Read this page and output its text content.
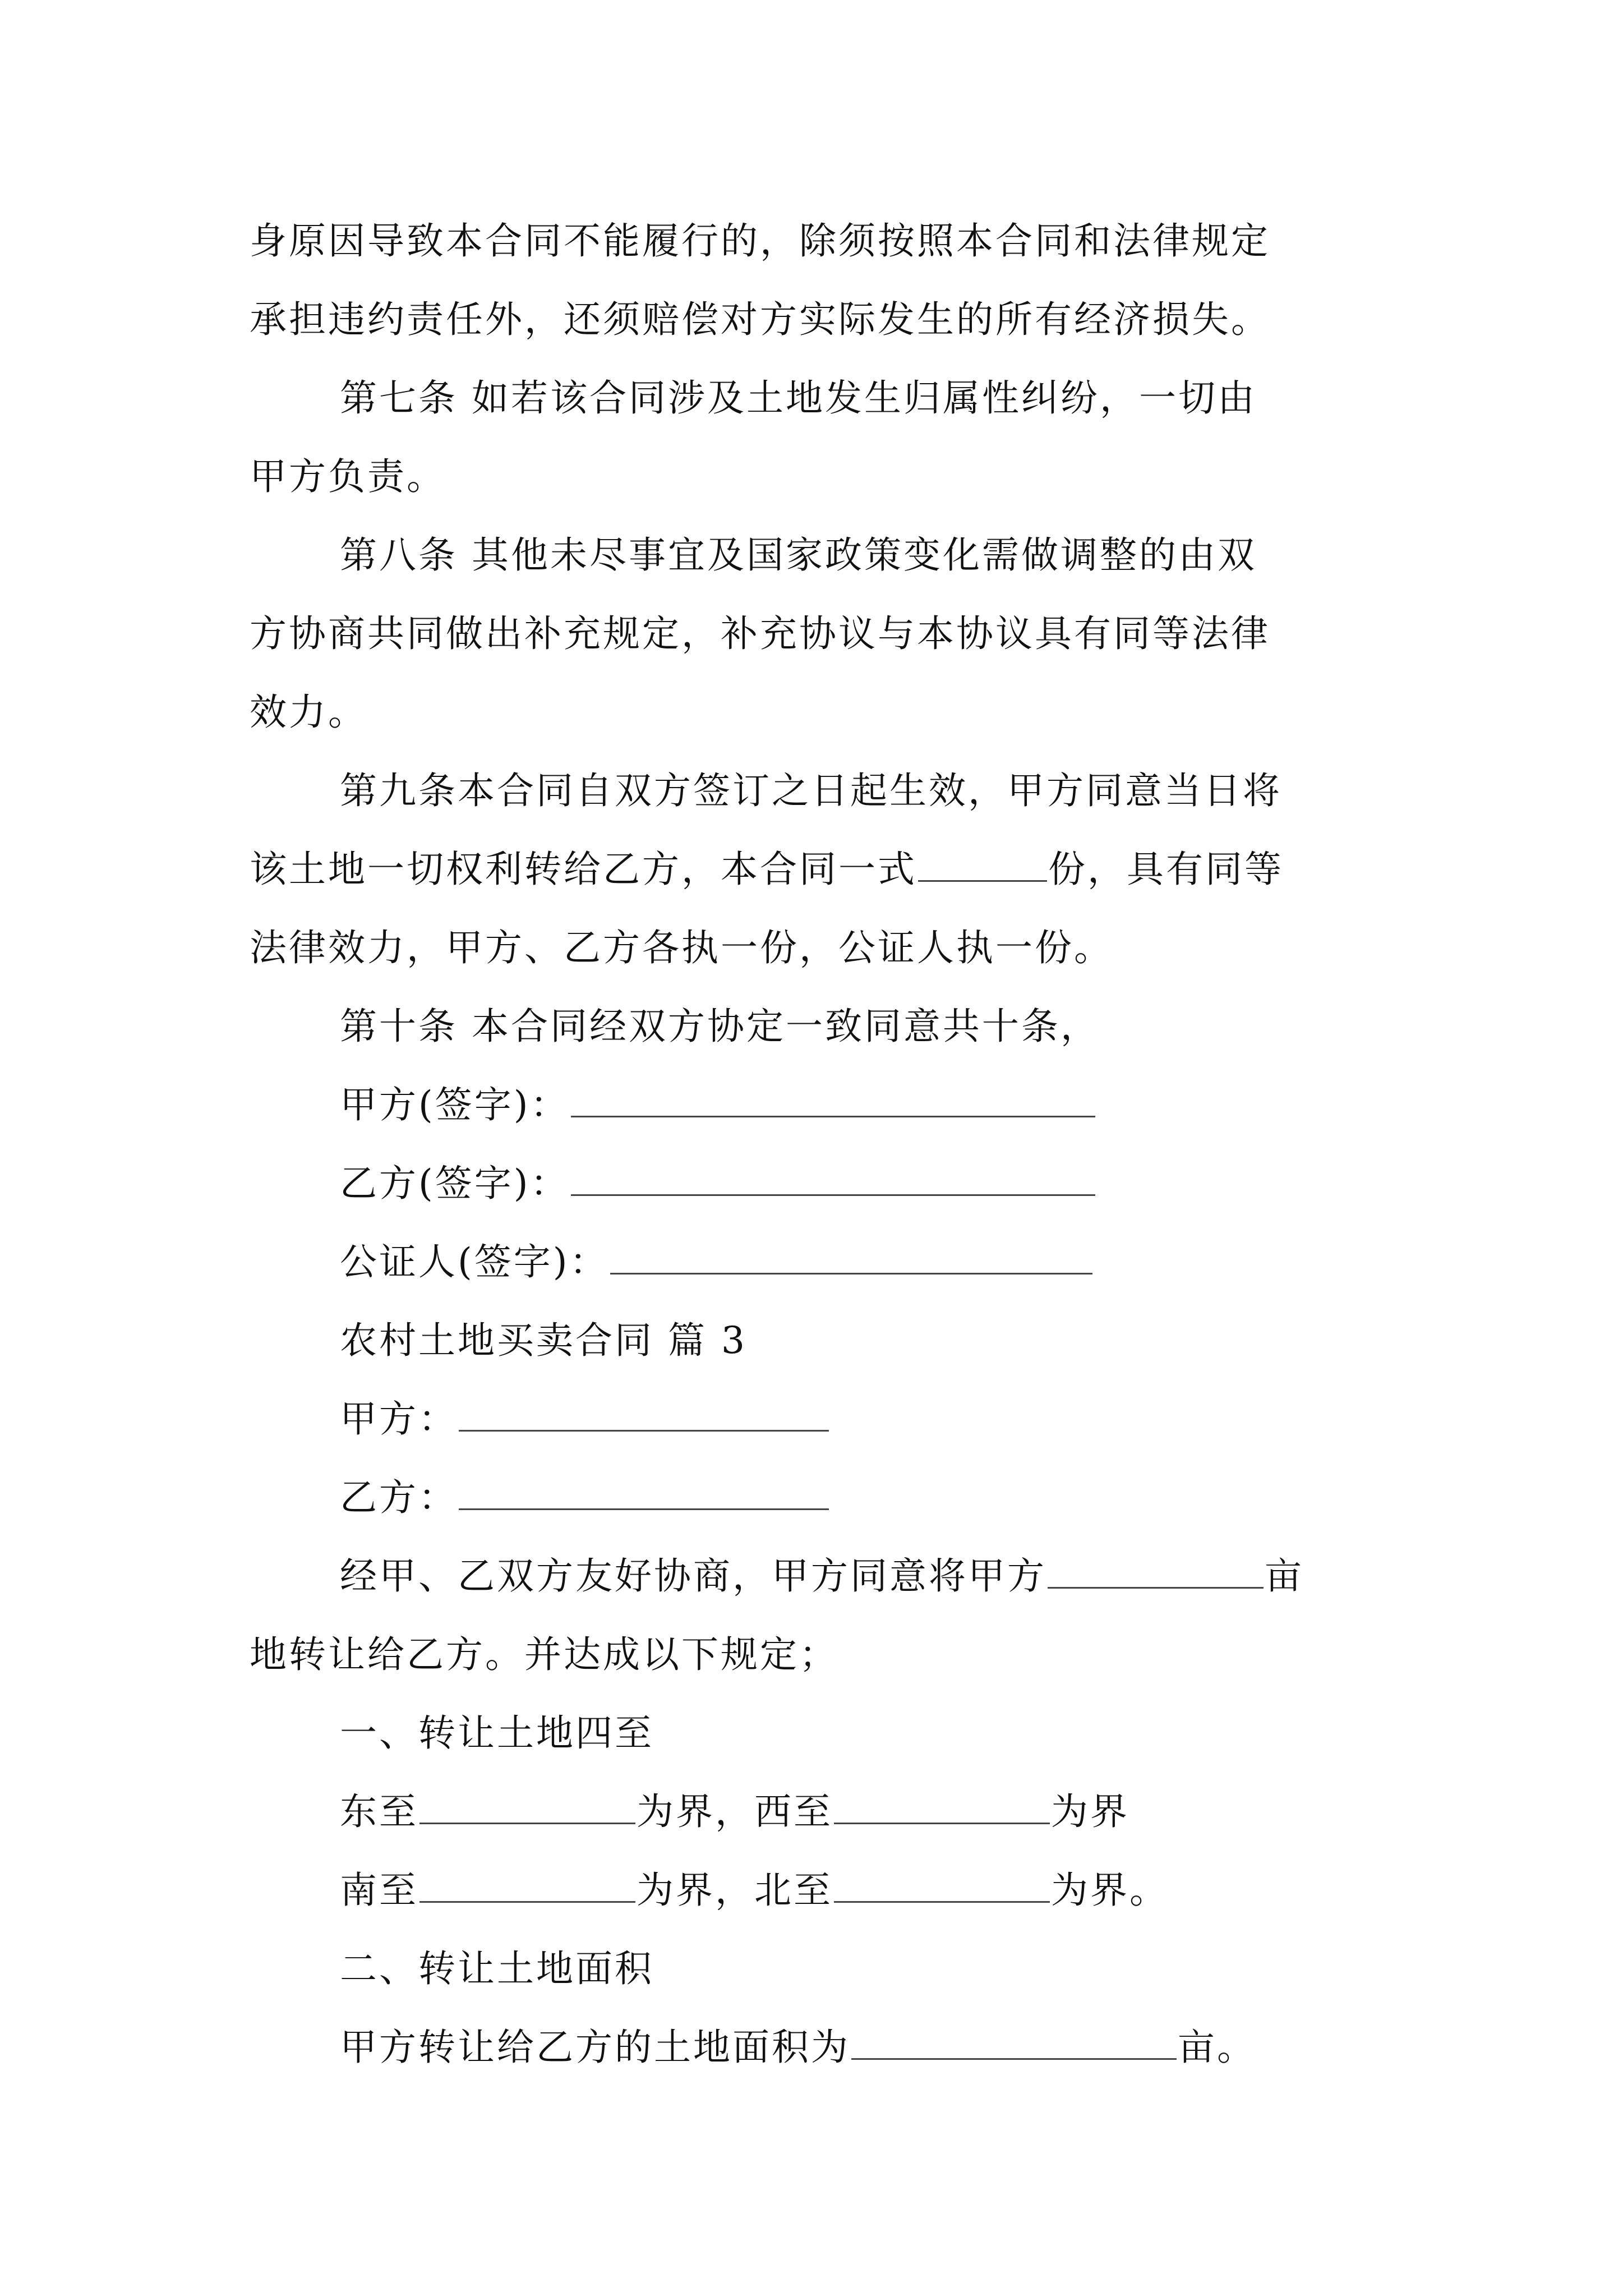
身原因导致本合同不能履行的，除须按照本合同和法律规定
承担违约责任外，还须赔偿对方实际发生的所有经济损失。
第七条 如若该合同涉及土地发生归属性纠纷，一切由
甲方负责。
第八条 其他未尽事宜及国家政策变化需做调整的由双
方协商共同做出补充规定，补充协议与本协议具有同等法律
效力。
第九条本合同自双方签订之日起生效，甲方同意当日将
该土地一切权利转给乙方，本合同一式	份，具有同等
法律效力，甲方、乙方各执一份，公证人执一份。
第十条 本合同经双方协定一致同意共十条，
甲方(签字)：
乙方(签字)：
公证人(签字)：
农村土地买卖合同 篇 3
甲方：
乙方：
经甲、乙双方友好协商，甲方同意将甲方	亩
地转让给乙方。并达成以下规定；
一、转让土地四至
东至	为界，西至	为界
南至	为界，北至	为界。
二、转让土地面积
甲方转让给乙方的土地面积为	亩。
